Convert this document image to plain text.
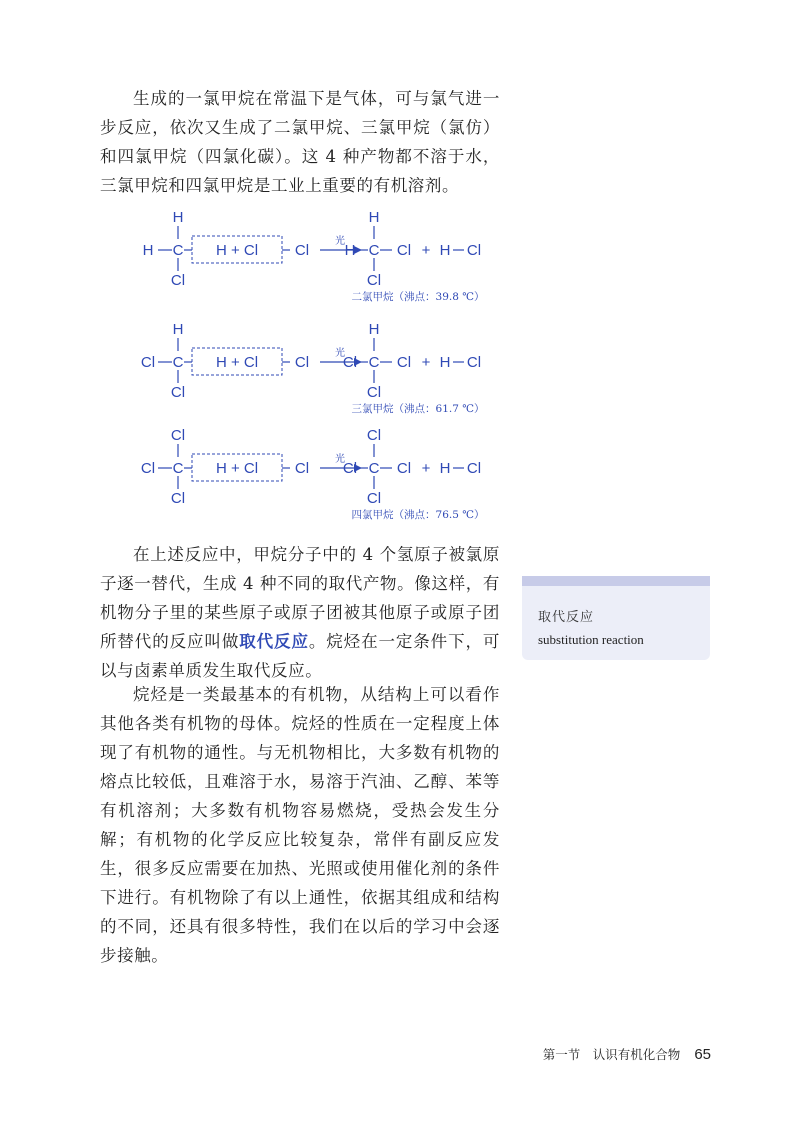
生成的一氯甲烷在常温下是气体，可与氯气进一步反应，依次又生成了二氯甲烷、三氯甲烷（氯仿）和四氯甲烷（四氯化碳）。这 4 种产物都不溶于水，三氯甲烷和四氯甲烷是工业上重要的有机溶剂。

H
H C
Cl
H + Cl Cl
光
H
H C Cl
Cl
+ H Cl
二氯甲烷（沸点：39.8 ℃）
H
Cl C
Cl
H + Cl Cl
光
H
Cl C Cl
Cl
+ H Cl
三氯甲烷（沸点：61.7 ℃）
Cl
Cl C
Cl
H + Cl Cl
光
Cl
Cl C Cl
Cl
+ H Cl
四氯甲烷（沸点：76.5 ℃）

在上述反应中，甲烷分子中的 4 个氢原子被氯原子逐一替代，生成 4 种不同的取代产物。像这样，有机物分子里的某些原子或原子团被其他原子或原子团所替代的反应叫做取代反应。烷烃在一定条件下，可以与卤素单质发生取代反应。

取代反应
substitution reaction

烷烃是一类最基本的有机物，从结构上可以看作其他各类有机物的母体。烷烃的性质在一定程度上体现了有机物的通性。与无机物相比，大多数有机物的熔点比较低，且难溶于水，易溶于汽油、乙醇、苯等有机溶剂；大多数有机物容易燃烧，受热会发生分解；有机物的化学反应比较复杂，常伴有副反应发生，很多反应需要在加热、光照或使用催化剂的条件下进行。有机物除了有以上通性，依据其组成和结构的不同，还具有很多特性，我们在以后的学习中会逐步接触。

第一节　认识有机化合物 65
